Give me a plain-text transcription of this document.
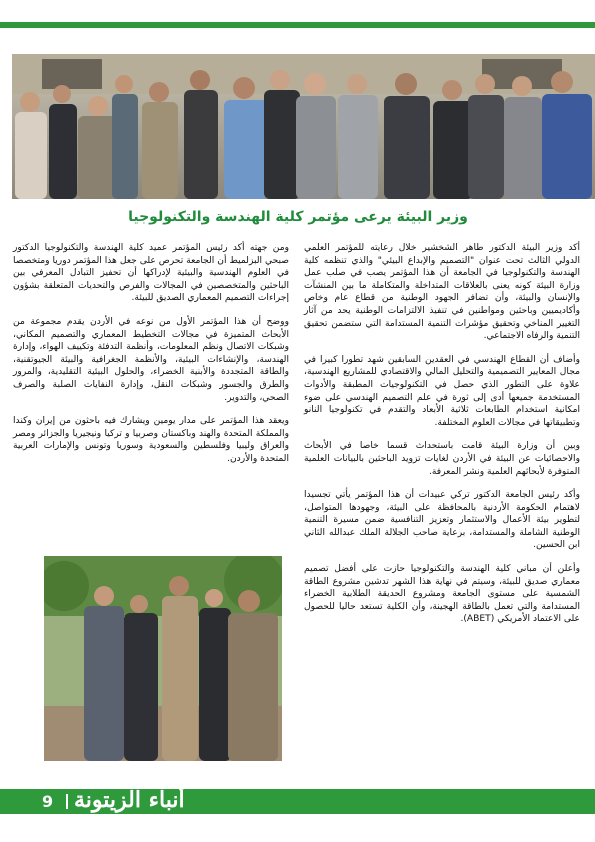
وزير البيئة يرعى مؤتمر كلية الهندسة والتكنولوجيا

أكد وزير البيئة الدكتور طاهر الشخشير خلال رعايته للمؤتمر العلمي الدولي الثالث تحت عنوان "التصميم والإبداع البيئي" والذي تنظمه كلية الهندسة والتكنولوجيا في الجامعة أن هذا المؤتمر يصب في صلب عمل وزارة البيئة كونه يعنى بالعلاقات المتداخلة والمتكاملة ما بين المنشآت والإنسان والبيئة، وأن تضافر الجهود الوطنية من قطاع عام وخاص وأكاديميين وباحثين ومواطنين في تنفيذ الالتزامات الوطنية يحد من آثار التغيير المناخي وتحقيق مؤشرات التنمية المستدامة التي ستضمن تحقيق التنمية والرفاه الاجتماعي.

وأضاف أن القطاع الهندسي في العقدين السابقين شهد تطورا كبيرا في مجال المعايير التصميمية والتحليل المالي والاقتصادي للمشاريع الهندسية، علاوة على التطور الذي حصل في التكنولوجيات المطبقة والأدوات المستخدمة جميعها أدى إلى ثورة في علم التصميم الهندسي على ضوء امكانية استخدام الطابعات ثلاثية الأبعاد والتقدم في تكنولوجيا النانو وتطبيقاتها في مجالات العلوم المختلفة.

وبين أن وزارة البيئة قامت باستحداث قسما خاصا في الأبحاث والاحصائيات عن البيئة في الأردن لغايات تزويد الباحثين بالبيانات العلمية المتوفرة لأبحاثهم العلمية ونشر المعرفة.

وأكد رئيس الجامعة الدكتور تركي عبيدات أن هذا المؤتمر يأتي تجسيدا لاهتمام الحكومة الأردنية بالمحافظة على البيئة، وجهودها المتواصل، لتطوير بيئة الأعمال والاستثمار وتعزيز التنافسية ضمن مسيرة التنمية الوطنية الشاملة والمستدامة، برعاية صاحب الجلالة الملك عبدالله الثاني ابن الحسين.

وأعلن أن مباني كلية الهندسة والتكنولوجيا حازت على أفضل تصميم معماري صديق للبيئة، وسيتم في نهاية هذا الشهر تدشين مشروع الطاقة الشمسية على مستوى الجامعة ومشروع الحديقة الطلابية الخضراء المستدامة والتي تعمل بالطاقة الهجينة، وأن الكلية تستعد حاليا للحصول على الاعتماد الأمريكي (ABET).

ومن جهته أكد رئيس المؤتمر عميد كلية الهندسة والتكنولوجيا الدكتور صبحي البزلميط أن الجامعة تحرص على جعل هذا المؤتمر دوريا ومتخصصا في العلوم الهندسية والبيئية لإدراكها أن تحفيز التبادل المعرفي بين الباحثين والمتخصصين في المجالات والفرص والتحديات المتعلقة بشؤون إجراءات التصميم المعماري الصديق للبيئة.

ووضح أن هذا المؤتمر الأول من نوعه في الأردن يقدم مجموعة من الأبحاث المتميزة في مجالات التخطيط المعماري والتصميم المكاني، وشبكات الاتصال ونظم المعلومات، وأنظمة التدفئة وتكييف الهواء، وإدارة الهندسة، والإنشاءات البيئية، والأنظمة الجغرافية والبيئة الجيوتقنية، والطاقة المتجددة والأبنية الخضراء، والحلول البيئية التقليدية، والمرور والطرق والجسور وشبكات النقل، وإدارة النفايات الصلبة والصرف الصحي، والتدوير.

ويعقد هذا المؤتمر على مدار يومين ويشارك فيه باحثون من إيران وكندا والمملكة المتحدة والهند وباكستان وصربيا و تركيا ونيجيريا والجزائر ومصر والعراق وليبيا وفلسطين والسعودية وسوريا وتونس والإمارات العربية المتحدة والأردن.

9 أنباء الزيتونة
